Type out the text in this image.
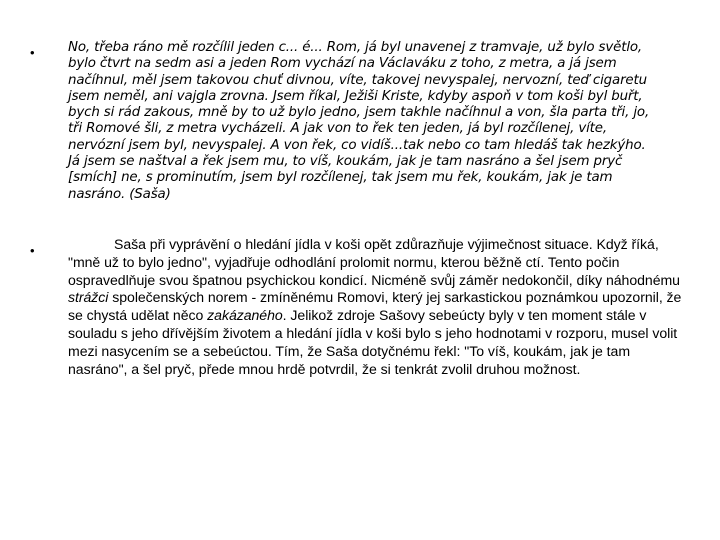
• No, třeba ráno mě rozčílil jeden c... é... Rom, já byl unavenej z tramvaje, už bylo světlo, bylo čtvrt na sedm asi a jeden Rom vychází na Václaváku z toho, z metra, a já jsem načíhnul, měl jsem takovou chuť divnou, víte, takovej nevyspalej, nervozní, teď cigaretu jsem neměl, ani vajgla zrovna. Jsem říkal, Ježiši Kriste, kdyby aspoň v tom koši byl buřt, bych si rád zakous, mně by to už bylo jedno, jsem takhle načíhnul a von, šla parta tři, jo, tři Romové šli, z metra vycházeli. A jak von to řek ten jeden, já byl rozčílenej, víte, nervózní jsem byl, nevyspalej. A von řek, co vidíš...tak nebo co tam hledáš tak hezkýho. Já jsem se naštval a řek jsem mu, to víš, koukám, jak je tam nasráno a šel jsem pryč [smích] ne, s prominutím, jsem byl rozčílenej, tak jsem mu řek, koukám, jak je tam nasráno. (Saša)

•	Saša při vyprávění o hledání jídla v koši opět zdůrazňuje výjimečnost situace. Když říká, "mně už to bylo jedno", vyjadřuje odhodlání prolomit normu, kterou běžně ctí. Tento počin ospravedlňuje svou špatnou psychickou kondicí. Nicméně svůj záměr nedokončil, díky náhodnému strážci společenských norem - zmíněnému Romovi, který jej sarkastickou poznámkou upozornil, že se chystá udělat něco zakázaného. Jelikož zdroje Sašovy sebeúcty byly v ten moment stále v souladu s jeho dřívějším životem a hledání jídla v koši bylo s jeho hodnotami v rozporu, musel volit mezi nasycením se a sebeúctou. Tím, že Saša dotyčnému řekl: "To víš, koukám, jak je tam nasráno", a šel pryč, přede mnou hrdě potvrdil, že si tenkrát zvolil druhou možnost.
